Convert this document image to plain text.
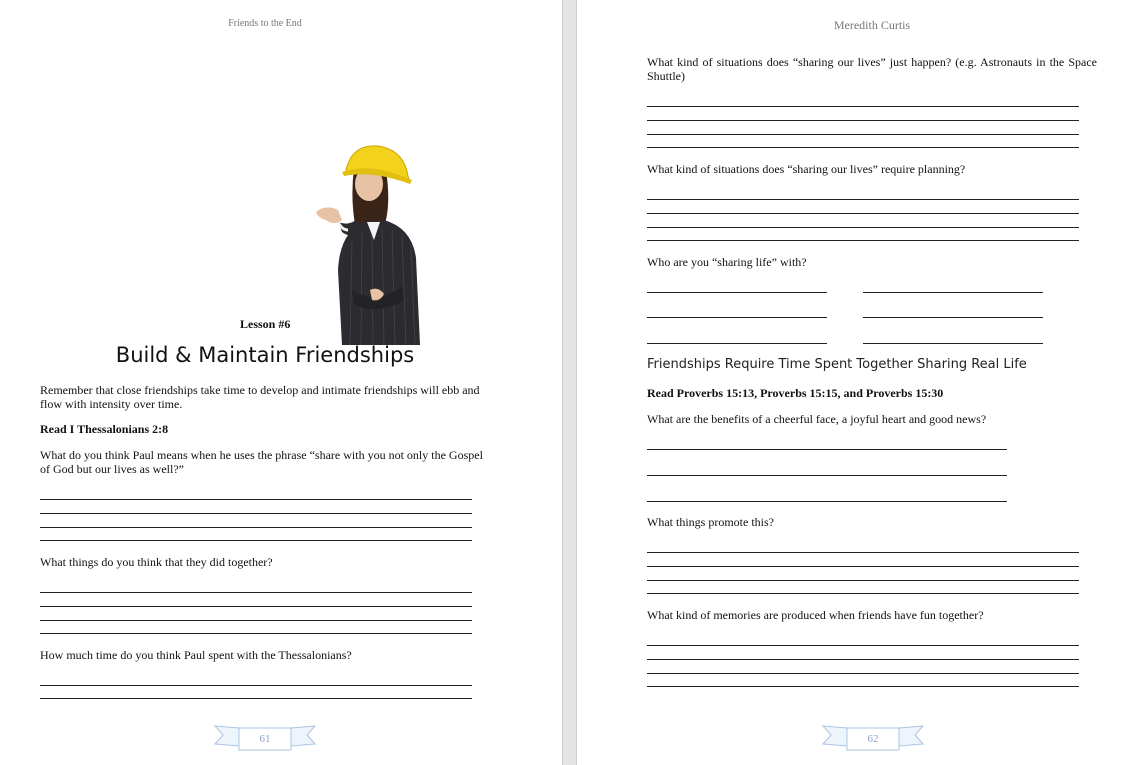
Friends to the End
Lesson #6
Build & Maintain Friendships
Remember that close friendships take time to develop and intimate friendships will ebb and flow with intensity over time.
Read I Thessalonians 2:8
What do you think Paul means when he uses the phrase “share with you not only the Gospel of God but our lives as well?”
What things do you think that they did together?
How much time do you think Paul spent with the Thessalonians?
61
Meredith Curtis
What kind of situations does “sharing our lives” just happen? (e.g. Astronauts in the Space Shuttle)
What kind of situations does “sharing our lives” require planning?
Who are you “sharing life” with?
Friendships Require Time Spent Together Sharing Real Life
Read Proverbs 15:13, Proverbs 15:15, and Proverbs 15:30
What are the benefits of a cheerful face, a joyful heart and good news?
What things promote this?
What kind of memories are produced when friends have fun together?
62
